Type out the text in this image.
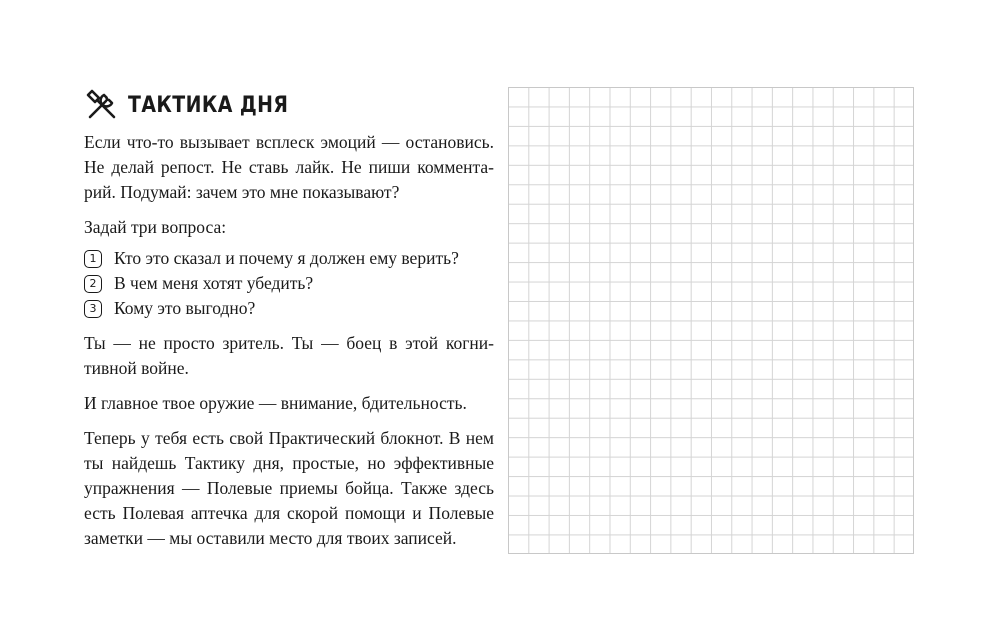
ТАКТИКА ДНЯ

Если что-то вызывает всплеск эмоций — остановись. Не делай репост. Не ставь лайк. Не пиши комментарий. Подумай: зачем это мне показывают?

Задай три вопроса:

1	Кто это сказал и почему я должен ему верить?
2	В чем меня хотят убедить?
3	Кому это выгодно?

Ты — не просто зритель. Ты — боец в этой когнитивной войне.

И главное твое оружие — внимание, бдительность.

Теперь у тебя есть свой Практический блокнот. В нем ты найдешь Тактику дня, простые, но эффективные упражнения — Полевые приемы бойца. Также здесь есть Полевая аптечка для скорой помощи и Полевые заметки — мы оставили место для твоих записей.
